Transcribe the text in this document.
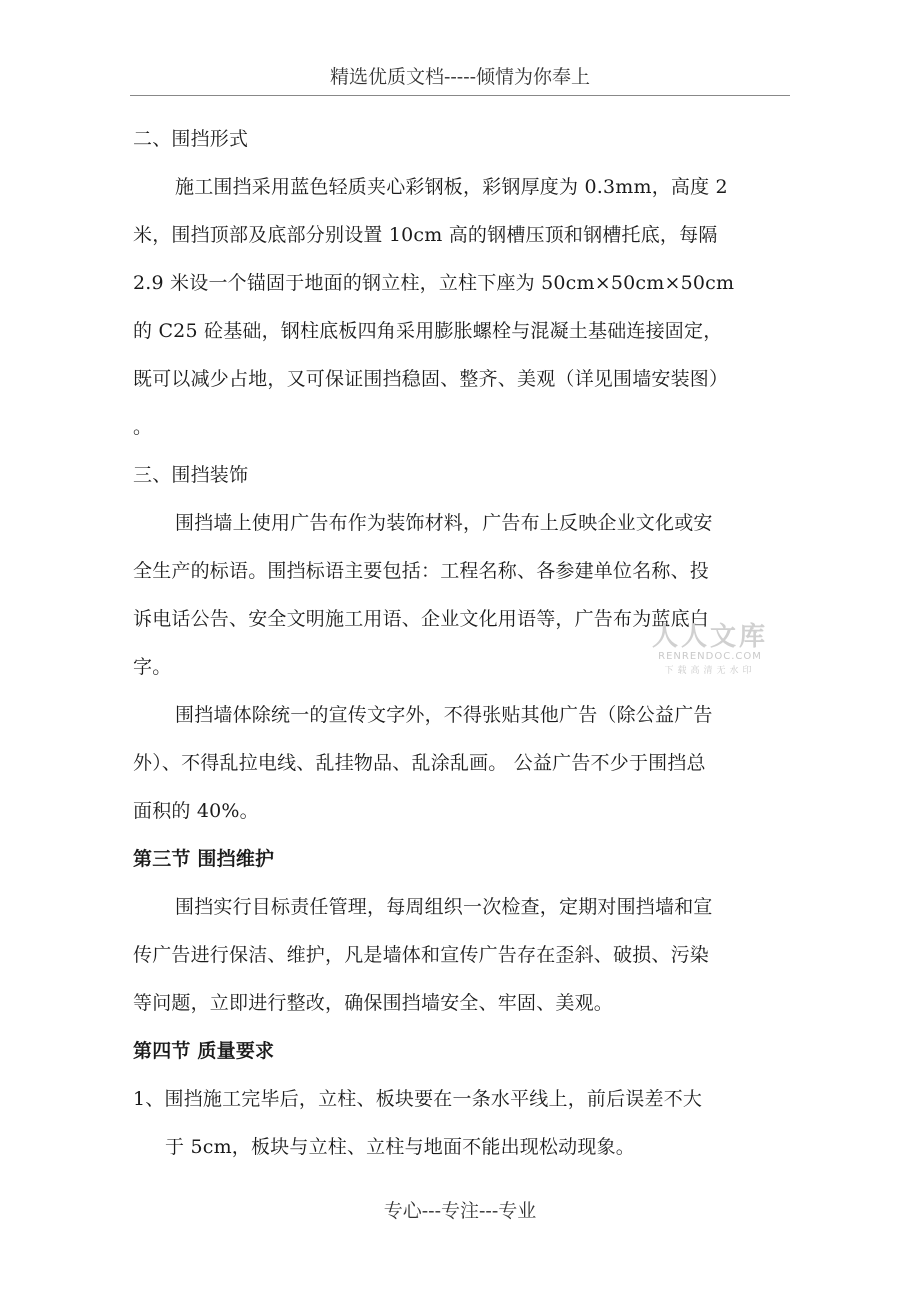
精选优质文档-----倾情为你奉上
二、围挡形式
施工围挡采用蓝色轻质夹心彩钢板，彩钢厚度为 0.3mm，高度 2
米，围挡顶部及底部分别设置 10cm 高的钢槽压顶和钢槽托底，每隔
2.9 米设一个锚固于地面的钢立柱，立柱下座为 50cm×50cm×50cm
的 C25 砼基础，钢柱底板四角采用膨胀螺栓与混凝土基础连接固定，
既可以减少占地，又可保证围挡稳固、整齐、美观（详见围墙安装图）
。
三、围挡装饰
围挡墙上使用广告布作为装饰材料，广告布上反映企业文化或安
全生产的标语。围挡标语主要包括：工程名称、各参建单位名称、投
诉电话公告、安全文明施工用语、企业文化用语等，广告布为蓝底白
字。
围挡墙体除统一的宣传文字外，不得张贴其他广告（除公益广告
外）、不得乱拉电线、乱挂物品、乱涂乱画。 公益广告不少于围挡总
面积的 40%。
第三节 围挡维护
围挡实行目标责任管理，每周组织一次检查，定期对围挡墙和宣
传广告进行保洁、维护，凡是墙体和宣传广告存在歪斜、破损、污染
等问题，立即进行整改，确保围挡墙安全、牢固、美观。
第四节 质量要求
1、围挡施工完毕后，立柱、板块要在一条水平线上，前后误差不大
于 5cm，板块与立柱、立柱与地面不能出现松动现象。
人人文库
RENRENDOC.COM
下载高清无水印
专心---专注---专业
